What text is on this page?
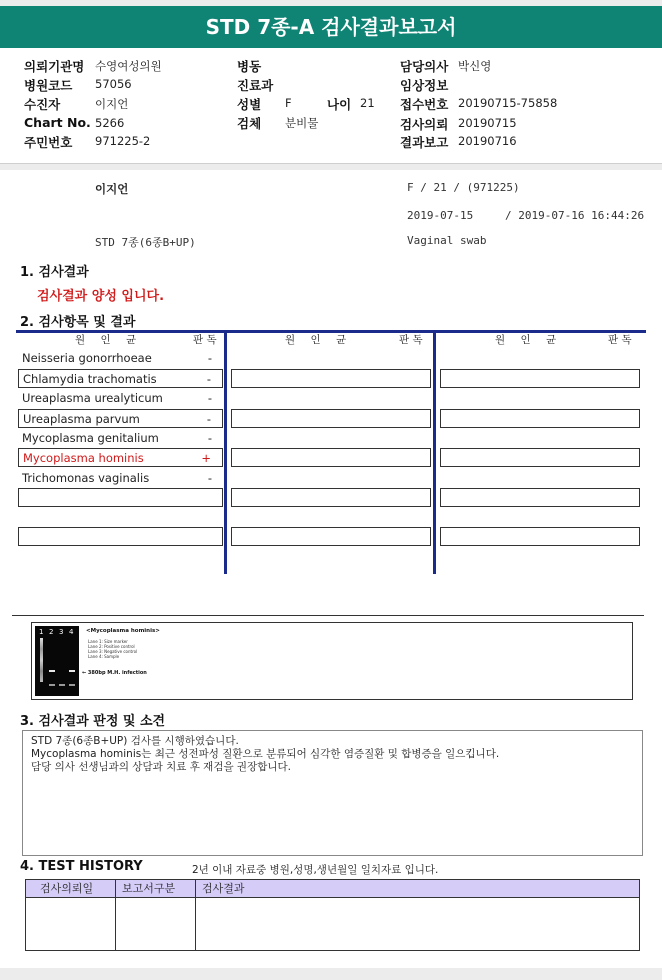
STD 7종-A 검사결과보고서
의뢰기관명 수영여성의원
병원코드 57056
수진자	이지언
Chart No. 5266
주민번호 971225-2
병동
진료과
성별 F	나이 21
검체 분비물
담당의사 박신영
임상정보
접수번호 20190715-75858
검사의뢰 20190715
결과보고 20190716
이지언	F / 21 / (971225)
2019-07-15	/ 2019-07-16 16:44:26
STD 7종(6종B+UP)	Vaginal swab
1. 검사결과
검사결과 양성 입니다.
2. 검사항목 및 결과
원 인 균	판 독	원 인 균	판 독	원 인 균	판 독
Neisseria gonorrhoeae	-
Chlamydia trachomatis	-
Ureaplasma urealyticum	-
Ureaplasma parvum	-
Mycoplasma genitalium	-
Mycoplasma hominis	+
Trichomonas vaginalis	-
1 2 3 4 <Mycoplasma hominis>
Lane 1: Size marker
Lane 2: Positive control
Lane 3: Negative control
Lane 4: Sample
← 380bp M.H. infection
3. 검사결과 판정 및 소견
STD 7종(6종B+UP) 검사를 시행하였습니다.
Mycoplasma hominis는 최근 성전파성 질환으로 분류되어 심각한 염증질환 및 합병증을 일으킵니다.
담당 의사 선생님과의 상담과 치료 후 재검을 권장합니다.
4. TEST HISTORY	2년 이내 자료중 병원,성명,생년월일 일치자료 입니다.
검사의뢰일	보고서구분 검사결과
